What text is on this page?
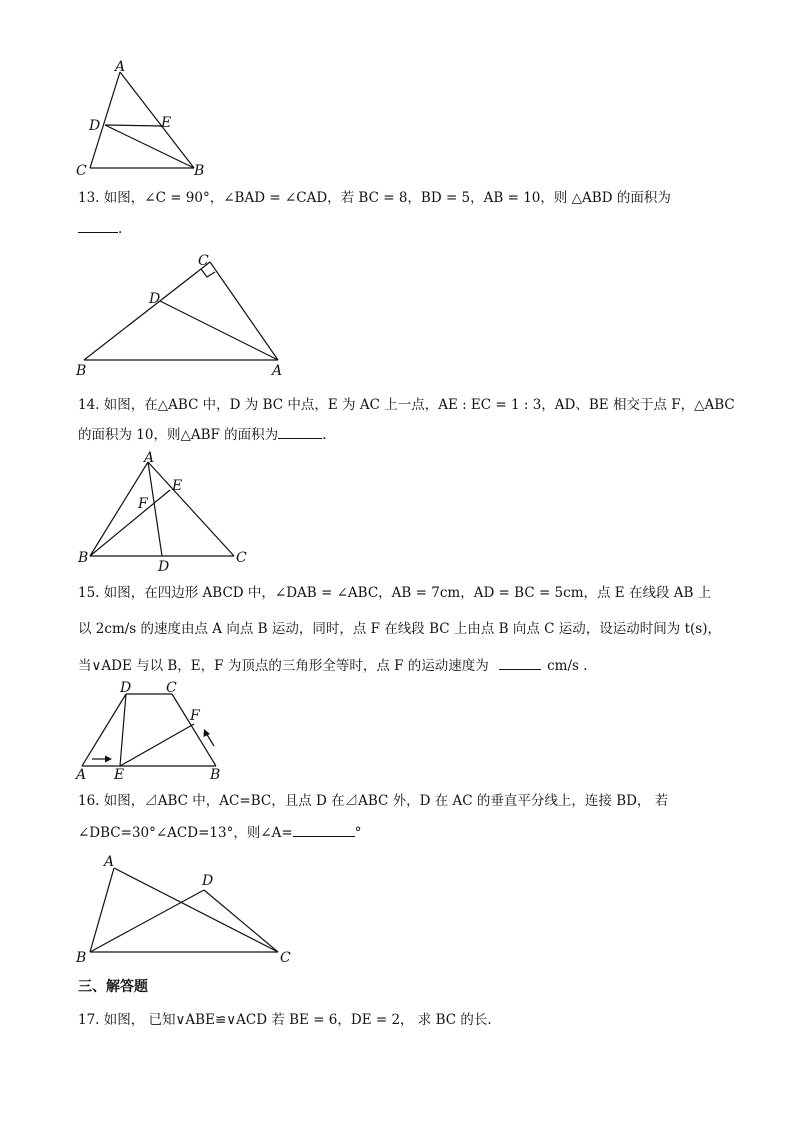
A
D	E
C	B
13. 如图，∠C = 90°，∠BAD = ∠CAD，若 BC = 8，BD = 5，AB = 10，则 △ABD 的面积为
.
C
D
B	A
14. 如图，在△ABC 中，D 为 BC 中点，E 为 AC 上一点，AE : EC = 1 : 3，AD、BE 相交于点 F，△ABC
的面积为 10，则△ABF 的面积为	.
A
E
F
B
D
C
15. 如图，在四边形 ABCD 中，∠DAB = ∠ABC，AB = 7cm，AD = BC = 5cm，点 E 在线段 AB 上
以 2cm/s 的速度由点 A 向点 B 运动，同时，点 F 在线段 BC 上由点 B 向点 C 运动，设运动时间为 t(s)，
当∨ADE 与以 B，E，F 为顶点的三角形全等时，点 F 的运动速度为	cm/s .
D C
F
A E	B
16. 如图，⊿ABC 中，AC=BC，且点 D 在⊿ABC 外，D 在 AC 的垂直平分线上，连接 BD， 若
∠DBC=30°∠ACD=13°，则∠A=	°
A
D
B	C
三、解答题
17. 如图， 已知∨ABE≌∨ACD 若 BE = 6，DE = 2， 求 BC 的长.
